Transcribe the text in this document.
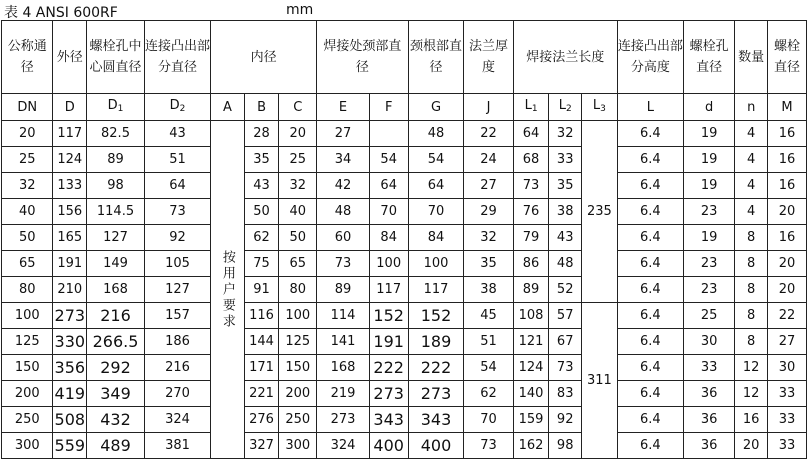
表 4 ANSI 600RF	mm
公称通径	外径	螺栓孔中心圆直径	连接凸出部分直径	内径			焊接处颈部直径		颈根部直径	法兰厚度	焊接法兰长度			连接凸出部分高度	螺栓孔直径	数量	螺栓直径
DN	D	$D_1$	$D_2$	A	B	C	E	F	G	J	$L_1$	$L_2$	$L_3$	L	d	n	M
20	117	82.5	43	按用户要求	28	20	27		48	22	64	32	235	6.4	19	4	16
25	124	89	51		35	25	34	54	54	24	68	33		6.4	19	4	16
32	133	98	64		43	32	42	64	64	27	73	35		6.4	19	4	16
40	156	114.5	73		50	40	48	70	70	29	76	38		6.4	23	4	20
50	165	127	92		62	50	60	84	84	32	79	43		6.4	19	8	16
65	191	149	105		75	65	73	100	100	35	86	48		6.4	23	8	20
80	210	168	127		91	80	89	117	117	38	89	52		6.4	23	8	20
100	273	216	157		116	100	114	152	152	45	108	57	311	6.4	25	8	22
125	330	266.5	186		144	125	141	191	189	51	121	67		6.4	30	8	27
150	356	292	216		171	150	168	222	222	54	124	73		6.4	33	12	30
200	419	349	270		221	200	219	273	273	62	140	83		6.4	36	12	33
250	508	432	324		276	250	273	343	343	70	159	92		6.4	36	16	33
300	559	489	381		327	300	324	400	400	73	162	98		6.4	36	20	33
